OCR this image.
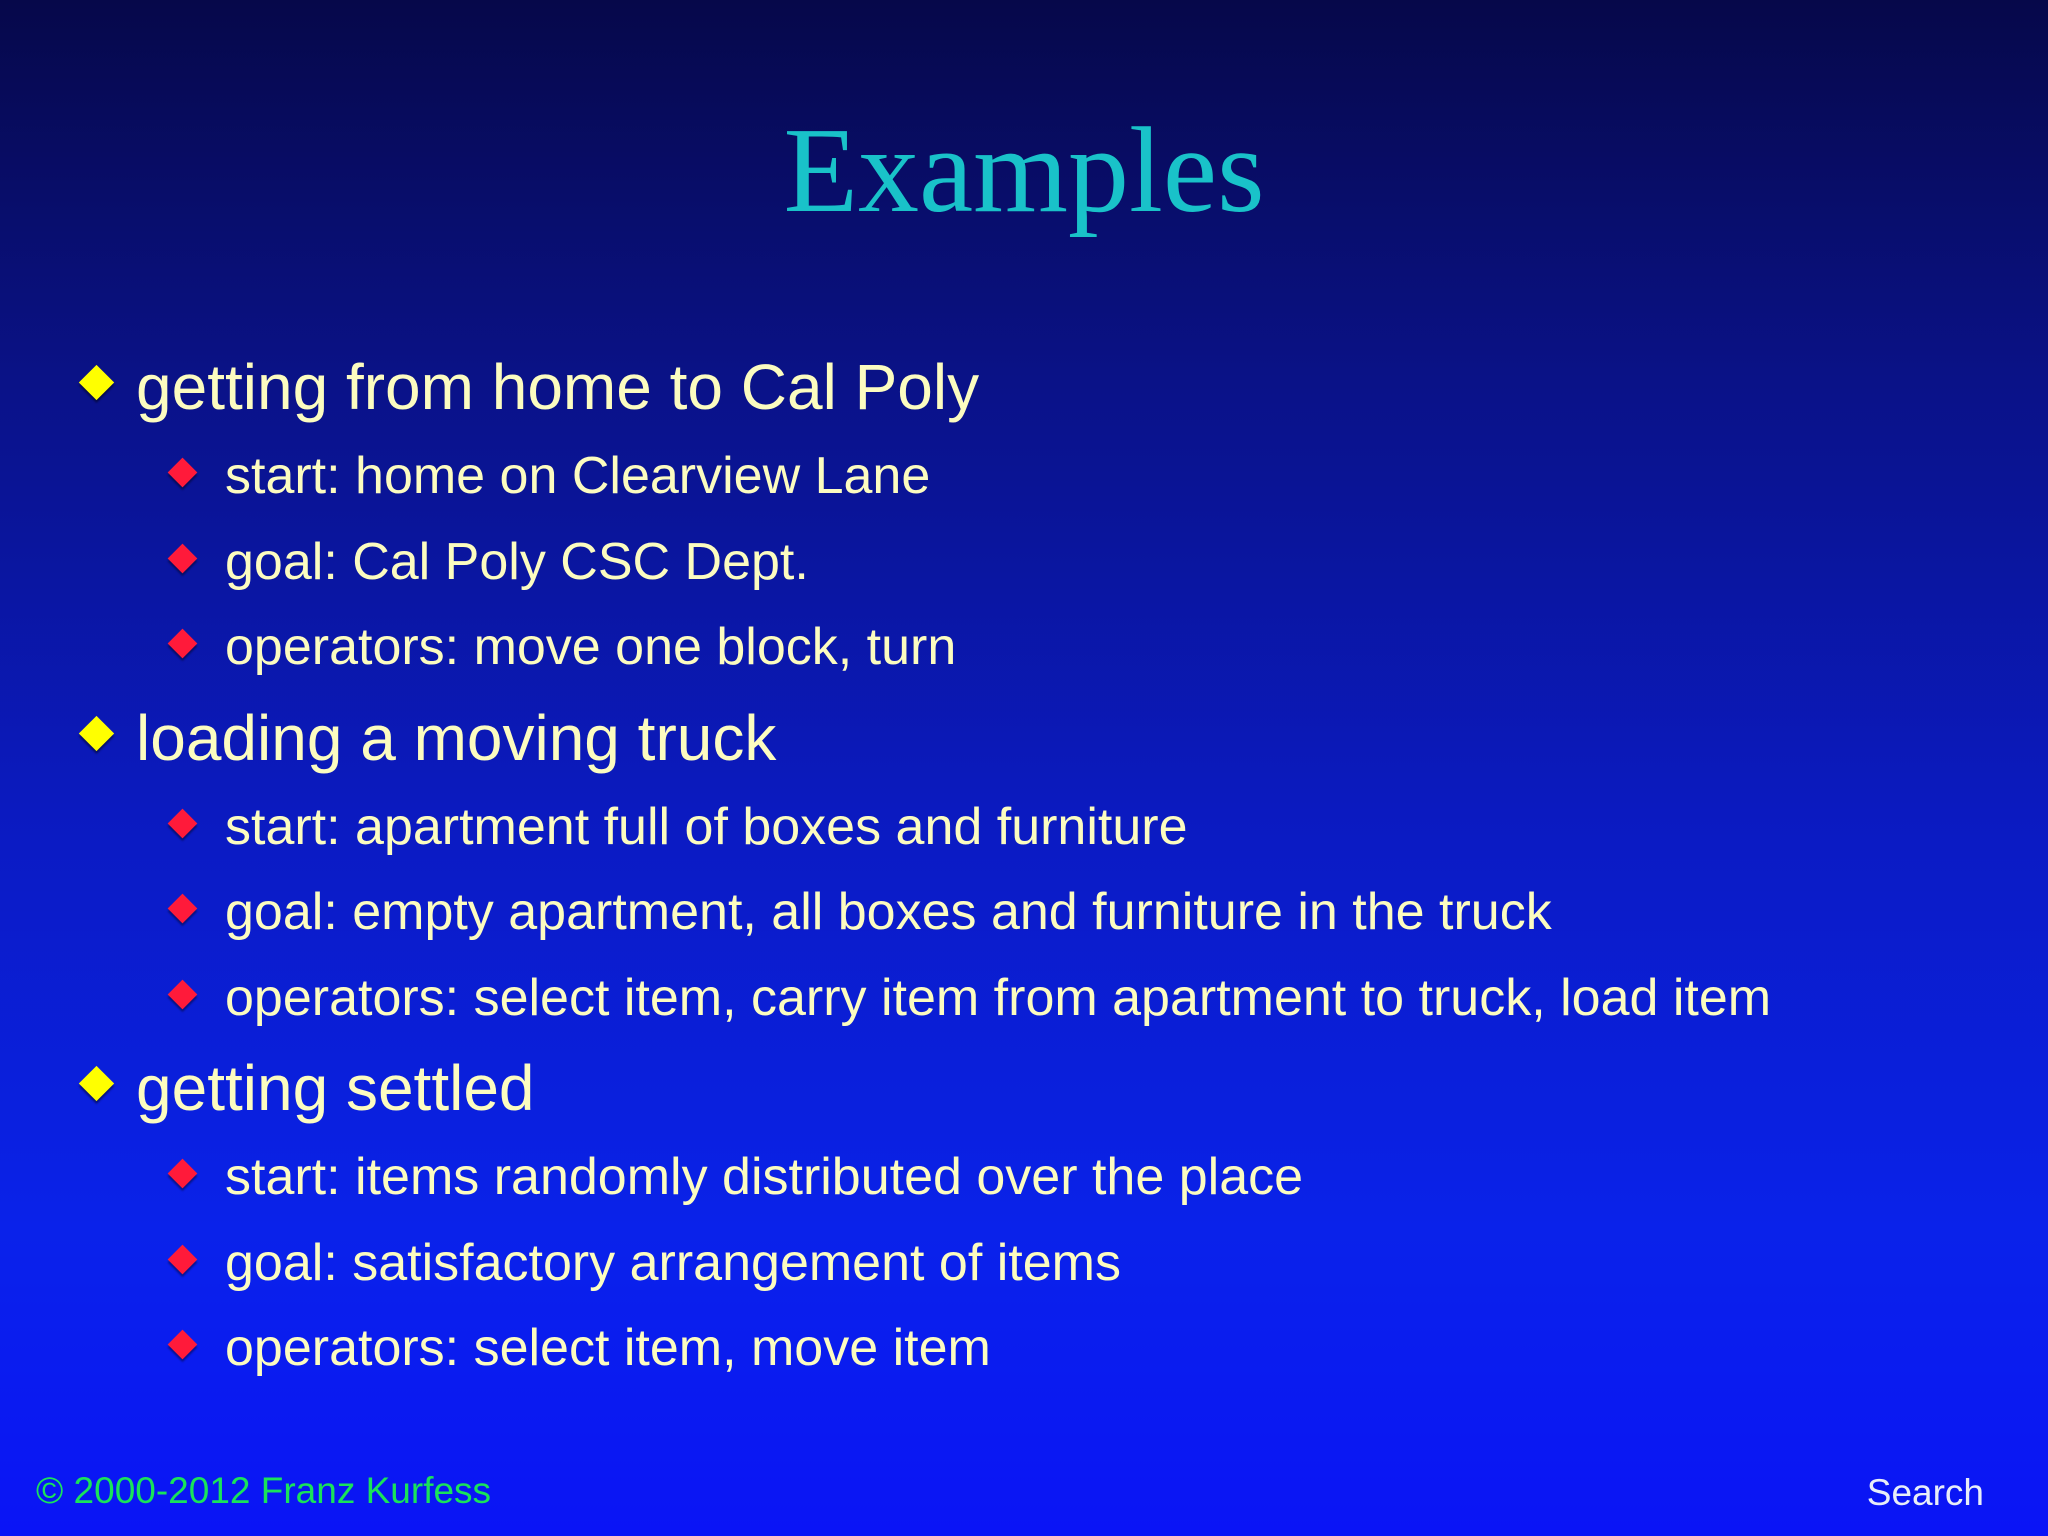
Examples
getting from home to Cal Poly
start: home on Clearview Lane
goal: Cal Poly CSC Dept.
operators: move one block, turn
loading a moving truck
start: apartment full of boxes and furniture
goal: empty apartment, all boxes and furniture in the truck
operators: select item, carry item from apartment to truck, load item
getting settled
start: items randomly distributed over the place
goal: satisfactory arrangement of items
operators: select item, move item
© 2000-2012 Franz Kurfess	Search
